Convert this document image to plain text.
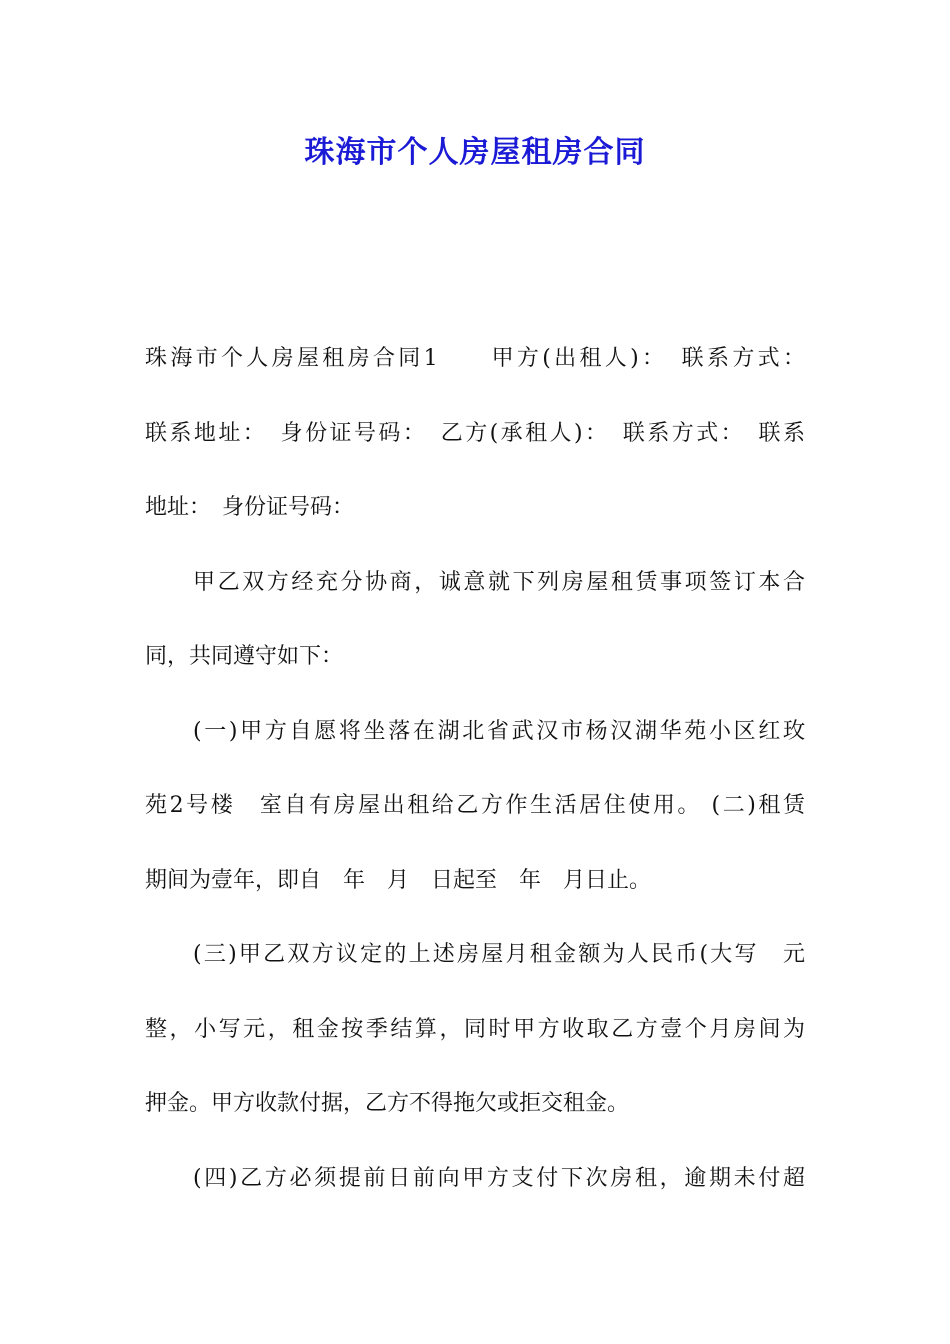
珠海市个人房屋租房合同
珠海市个人房屋租房合同1　　甲方(出租人)：　联系方式：
联系地址：　身份证号码：　乙方(承租人)：　联系方式：　联系
地址：　身份证号码：
甲乙双方经充分协商，诚意就下列房屋租赁事项签订本合
同，共同遵守如下：
(一)甲方自愿将坐落在湖北省武汉市杨汉湖华苑小区红玫
苑2号楼　室自有房屋出租给乙方作生活居住使用。 (二)租赁
期间为壹年，即自　年　月　日起至　年　月日止。
(三)甲乙双方议定的上述房屋月租金额为人民币(大写　元
整，小写元，租金按季结算，同时甲方收取乙方壹个月房间为
押金。甲方收款付据，乙方不得拖欠或拒交租金。
(四)乙方必须提前日前向甲方支付下次房租，逾期未付超
